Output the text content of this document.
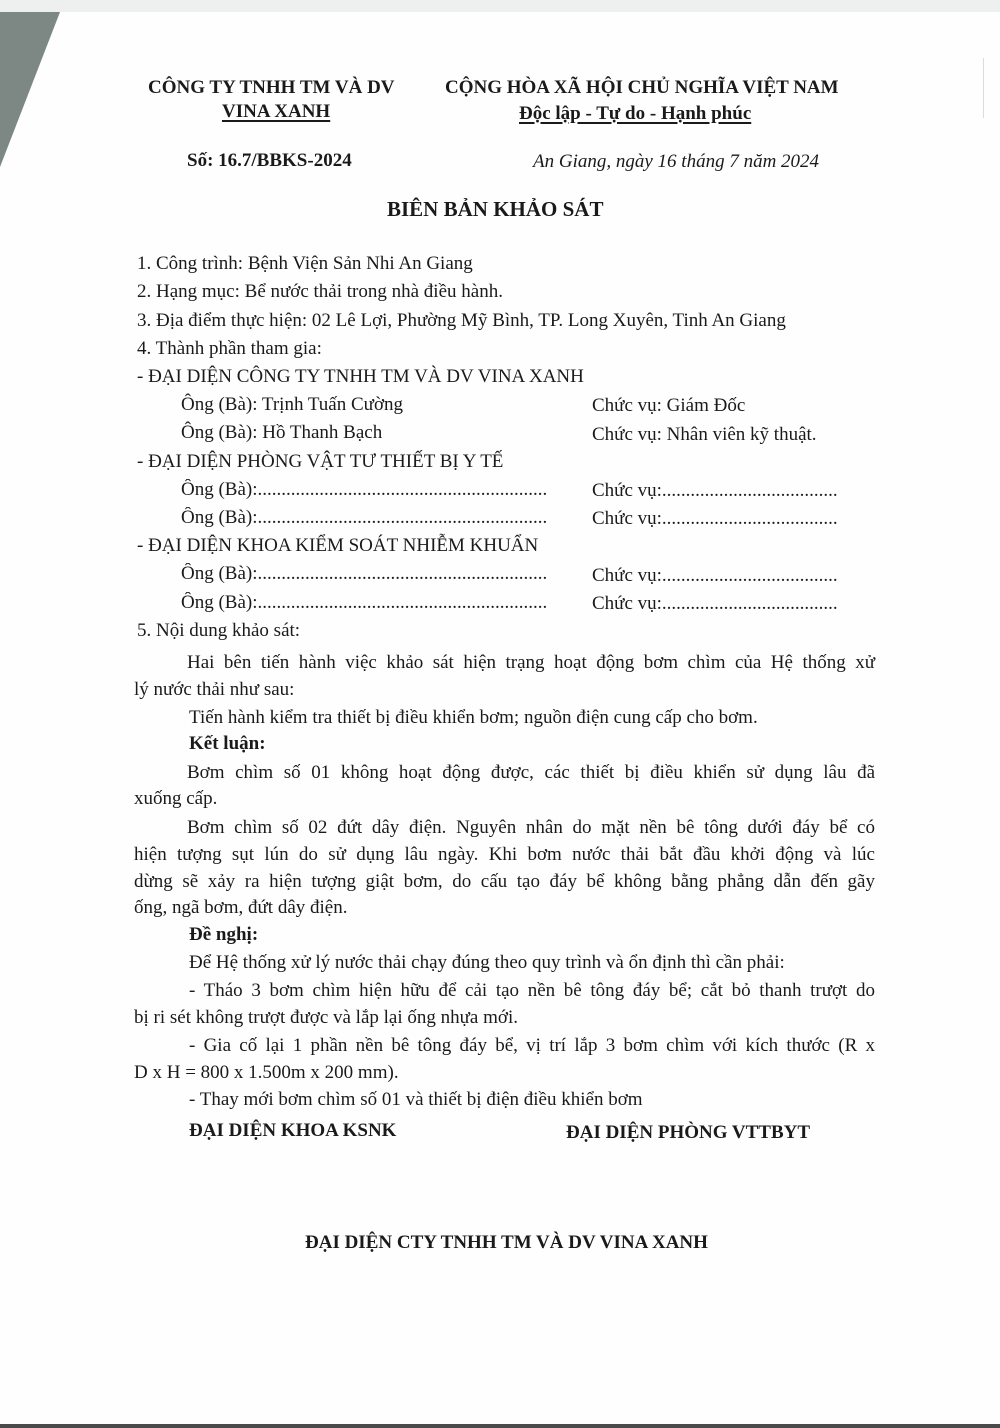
CÔNG TY TNHH TM VÀ DV
VINA XANH
CỘNG HÒA XÃ HỘI CHỦ NGHĨA VIỆT NAM
Độc lập - Tự do - Hạnh phúc
Số: 16.7/BBKS-2024	An Giang, ngày 16 tháng 7 năm 2024
BIÊN BẢN KHẢO SÁT
1. Công trình: Bệnh Viện Sản Nhi An Giang
2. Hạng mục: Bể nước thải trong nhà điều hành.
3. Địa điểm thực hiện: 02 Lê Lợi, Phường Mỹ Bình, TP. Long Xuyên, Tinh An Giang
4. Thành phần tham gia:
- ĐẠI DIỆN CÔNG TY TNHH TM VÀ DV VINA XANH
Ông (Bà): Trịnh Tuấn Cường	Chức vụ: Giám Đốc
Ông (Bà): Hồ Thanh Bạch	Chức vụ: Nhân viên kỹ thuật.
- ĐẠI DIỆN PHÒNG VẬT TƯ THIẾT BỊ Y TẾ
Ông (Bà):.............................................................	Chức vụ:.....................................
Ông (Bà):.............................................................	Chức vụ:.....................................
- ĐẠI DIỆN KHOA KIỂM SOÁT NHIỄM KHUẨN
Ông (Bà):.............................................................	Chức vụ:.....................................
Ông (Bà):.............................................................	Chức vụ:.....................................
5. Nội dung khảo sát:
Hai bên tiến hành việc khảo sát hiện trạng hoạt động bơm chìm của Hệ thống xử
lý nước thải như sau:
Tiến hành kiểm tra thiết bị điều khiển bơm; nguồn điện cung cấp cho bơm.
Kết luận:
Bơm chìm số 01 không hoạt động được, các thiết bị điều khiển sử dụng lâu đã
xuống cấp.
Bơm chìm số 02 đứt dây điện. Nguyên nhân do mặt nền bê tông dưới đáy bể có
hiện tượng sụt lún do sử dụng lâu ngày. Khi bơm nước thải bắt đầu khởi động và lúc
dừng sẽ xảy ra hiện tượng giật bơm, do cấu tạo đáy bể không bằng phẳng dẫn đến gãy
ống, ngã bơm, đứt dây điện.
Đề nghị:
Để Hệ thống xử lý nước thải chạy đúng theo quy trình và ổn định thì cần phải:
- Tháo 3 bơm chìm hiện hữu để cải tạo nền bê tông đáy bể; cắt bỏ thanh trượt do
bị ri sét không trượt được và lắp lại ống nhựa mới.
- Gia cố lại 1 phần nền bê tông đáy bể, vị trí lắp 3 bơm chìm với kích thước (R x
D x H = 800 x 1.500m x 200 mm).
- Thay mới bơm chìm số 01 và thiết bị điện điều khiển bơm
ĐẠI DIỆN KHOA KSNK	ĐẠI DIỆN PHÒNG VTTBYT
ĐẠI DIỆN CTY TNHH TM VÀ DV VINA XANH
